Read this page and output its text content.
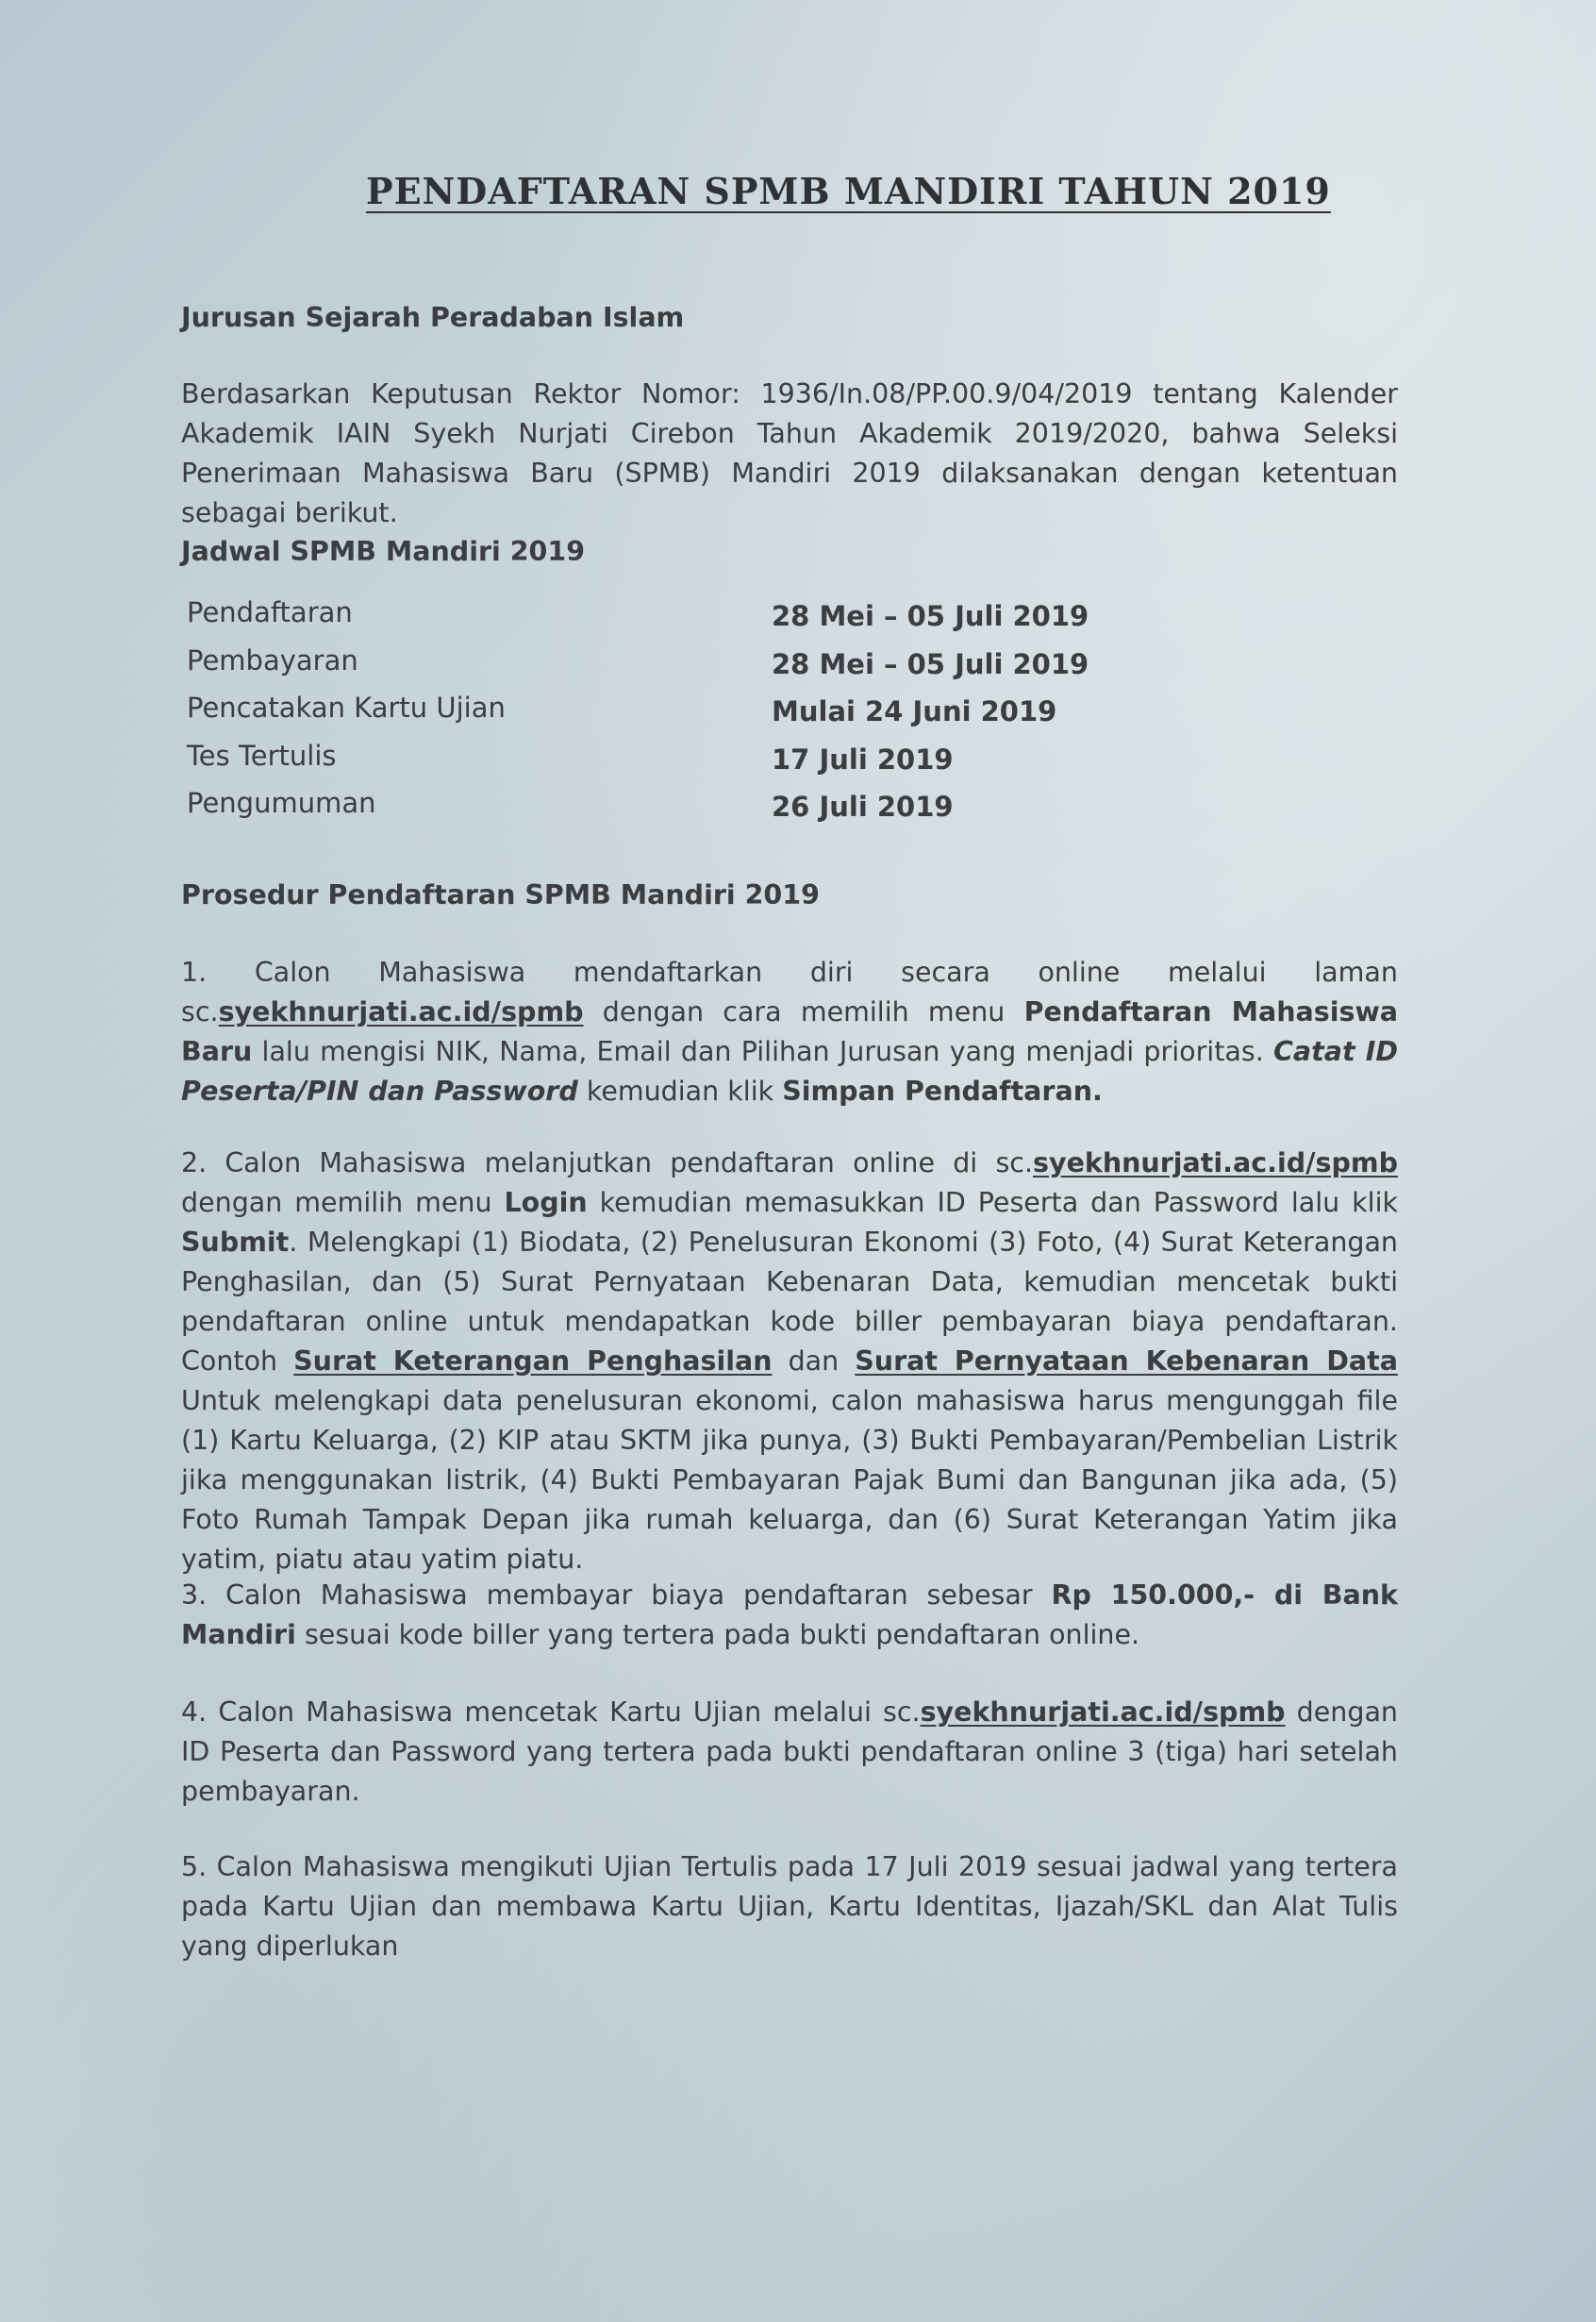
PENDAFTARAN SPMB MANDIRI TAHUN 2019
Jurusan Sejarah Peradaban Islam
Berdasarkan Keputusan Rektor Nomor: 1936/In.08/PP.00.9/04/2019 tentang Kalender Akademik IAIN Syekh Nurjati Cirebon Tahun Akademik 2019/2020, bahwa Seleksi Penerimaan Mahasiswa Baru (SPMB) Mandiri 2019 dilaksanakan dengan ketentuan sebagai berikut.
Jadwal SPMB Mandiri 2019
Pendaftaran	28 Mei – 05 Juli 2019
Pembayaran	28 Mei – 05 Juli 2019
Pencatakan Kartu Ujian	Mulai 24 Juni 2019
Tes Tertulis	17 Juli 2019
Pengumuman	26 Juli 2019
Prosedur Pendaftaran SPMB Mandiri 2019
1. Calon Mahasiswa mendaftarkan diri secara online melalui laman
sc.syekhnurjati.ac.id/spmb dengan cara memilih menu Pendaftaran Mahasiswa Baru lalu mengisi NIK, Nama, Email dan Pilihan Jurusan yang menjadi prioritas. Catat ID Peserta/PIN dan Password kemudian klik Simpan Pendaftaran.
2. Calon Mahasiswa melanjutkan pendaftaran online di sc.syekhnurjati.ac.id/spmb dengan memilih menu Login kemudian memasukkan ID Peserta dan Password lalu klik Submit. Melengkapi (1) Biodata, (2) Penelusuran Ekonomi (3) Foto, (4) Surat Keterangan Penghasilan, dan (5) Surat Pernyataan Kebenaran Data, kemudian mencetak bukti pendaftaran online untuk mendapatkan kode biller pembayaran biaya pendaftaran. Contoh Surat Keterangan Penghasilan dan Surat Pernyataan Kebenaran Data Untuk melengkapi data penelusuran ekonomi, calon mahasiswa harus mengunggah file (1) Kartu Keluarga, (2) KIP atau SKTM jika punya, (3) Bukti Pembayaran/Pembelian Listrik jika menggunakan listrik, (4) Bukti Pembayaran Pajak Bumi dan Bangunan jika ada, (5) Foto Rumah Tampak Depan jika rumah keluarga, dan (6) Surat Keterangan Yatim jika yatim, piatu atau yatim piatu.
3. Calon Mahasiswa membayar biaya pendaftaran sebesar Rp 150.000,- di Bank Mandiri sesuai kode biller yang tertera pada bukti pendaftaran online.
4. Calon Mahasiswa mencetak Kartu Ujian melalui sc.syekhnurjati.ac.id/spmb dengan ID Peserta dan Password yang tertera pada bukti pendaftaran online 3 (tiga) hari setelah pembayaran.
5. Calon Mahasiswa mengikuti Ujian Tertulis pada 17 Juli 2019 sesuai jadwal yang tertera pada Kartu Ujian dan membawa Kartu Ujian, Kartu Identitas, Ijazah/SKL dan Alat Tulis yang diperlukan
